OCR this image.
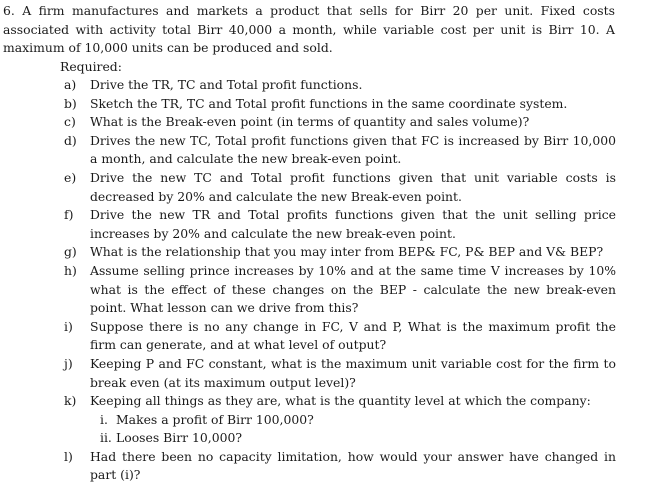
6. A firm manufactures and markets a product that sells for Birr 20 per unit. Fixed costs associated with activity total Birr 40,000 a month, while variable cost per unit is Birr 10. A maximum of 10,000 units can be produced and sold.
Required:
a)	Drive the TR, TC and Total profit functions.
b)	Sketch the TR, TC and Total profit functions in the same coordinate system.
c)	What is the Break-even point (in terms of quantity and sales volume)?
d)	Drives the new TC, Total profit functions given that FC is increased by Birr 10,000 a month, and calculate the new break-even point.
e)	Drive the new TC and Total profit functions given that unit variable costs is decreased by 20% and calculate the new Break-even point.
f)	Drive the new TR and Total profits functions given that the unit selling price increases by 20% and calculate the new break-even point.
g)	What is the relationship that you may inter from BEP& FC, P& BEP and V& BEP?
h)	Assume selling prince increases by 10% and at the same time V increases by 10% what is the effect of these changes on the BEP - calculate the new break-even point. What lesson can we drive from this?
i)	Suppose there is no any change in FC, V and P, What is the maximum profit the firm can generate, and at what level of output?
j)	Keeping P and FC constant, what is the maximum unit variable cost for the firm to break even (at its maximum output level)?
k)	Keeping all things as they are, what is the quantity level at which the company:
i. Makes a profit of Birr 100,000?
ii. Looses Birr 10,000?
l)	Had there been no capacity limitation, how would your answer have changed in part (i)?
